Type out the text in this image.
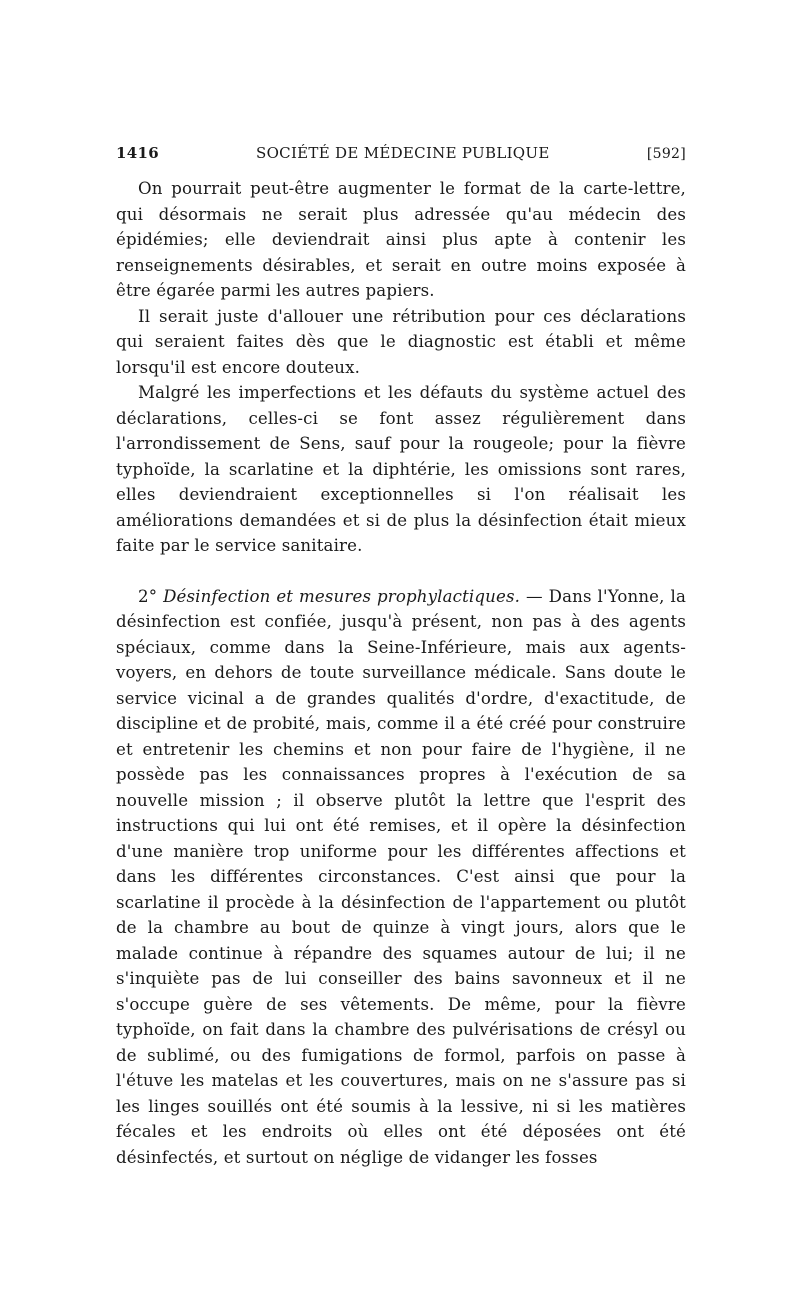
1416	SOCIÉTÉ DE MÉDECINE PUBLIQUE	[592]

On pourrait peut-être augmenter le format de la carte-lettre, qui désormais ne serait plus adressée qu'au médecin des épidémies; elle deviendrait ainsi plus apte à contenir les renseignements désirables, et serait en outre moins exposée à être égarée parmi les autres papiers.

Il serait juste d'allouer une rétribution pour ces déclarations qui seraient faites dès que le diagnostic est établi et même lorsqu'il est encore douteux.

Malgré les imperfections et les défauts du système actuel des déclarations, celles-ci se font assez régulièrement dans l'arrondissement de Sens, sauf pour la rougeole; pour la fièvre typhoïde, la scarlatine et la diphtérie, les omissions sont rares, elles deviendraient exceptionnelles si l'on réalisait les améliorations demandées et si de plus la désinfection était mieux faite par le service sanitaire.

2° Désinfection et mesures prophylactiques. — Dans l'Yonne, la désinfection est confiée, jusqu'à présent, non pas à des agents spéciaux, comme dans la Seine-Inférieure, mais aux agents-voyers, en dehors de toute surveillance médicale. Sans doute le service vicinal a de grandes qualités d'ordre, d'exactitude, de discipline et de probité, mais, comme il a été créé pour construire et entretenir les chemins et non pour faire de l'hygiène, il ne possède pas les connaissances propres à l'exécution de sa nouvelle mission ; il observe plutôt la lettre que l'esprit des instructions qui lui ont été remises, et il opère la désinfection d'une manière trop uniforme pour les différentes affections et dans les différentes circonstances. C'est ainsi que pour la scarlatine il procède à la désinfection de l'appartement ou plutôt de la chambre au bout de quinze à vingt jours, alors que le malade continue à répandre des squames autour de lui; il ne s'inquiète pas de lui conseiller des bains savonneux et il ne s'occupe guère de ses vêtements. De même, pour la fièvre typhoïde, on fait dans la chambre des pulvérisations de crésyl ou de sublimé, ou des fumigations de formol, parfois on passe à l'étuve les matelas et les couvertures, mais on ne s'assure pas si les linges souillés ont été soumis à la lessive, ni si les matières fécales et les endroits où elles ont été déposées ont été désinfectés, et surtout on néglige de vidanger les fosses
